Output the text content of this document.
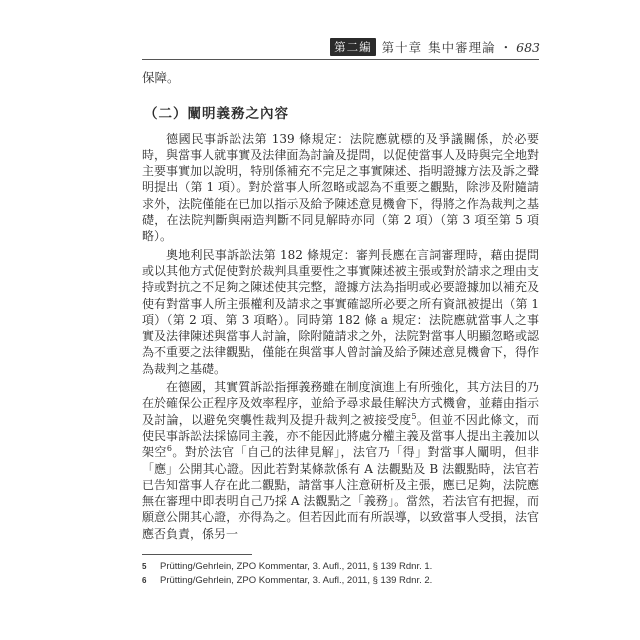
第二編 第十章 集中審理論 ・ 683

保障。

（二）闡明義務之內容

德國民事訴訟法第 139 條規定：法院應就標的及爭議關係，於必要時，與當事人就事實及法律面為討論及提問，以促使當事人及時與完全地對主要事實加以說明，特別係補充不完足之事實陳述、指明證據方法及訴之聲明提出（第 1 項）。對於當事人所忽略或認為不重要之觀點，除涉及附隨請求外，法院僅能在已加以指示及給予陳述意見機會下，得將之作為裁判之基礎，在法院判斷與兩造判斷不同見解時亦同（第 2 項）（第 3 項至第 5 項略）。

奧地利民事訴訟法第 182 條規定：審判長應在言詞審理時，藉由提問或以其他方式促使對於裁判具重要性之事實陳述被主張或對於請求之理由支持或對抗之不足夠之陳述使其完整，證據方法為指明或必要證據加以補充及使有對當事人所主張權利及請求之事實確認所必要之所有資訊被提出（第 1 項）（第 2 項、第 3 項略）。同時第 182 條 a 規定：法院應就當事人之事實及法律陳述與當事人討論，除附隨請求之外，法院對當事人明顯忽略或認為不重要之法律觀點，僅能在與當事人曾討論及給予陳述意見機會下，得作為裁判之基礎。

在德國，其實質訴訟指揮義務雖在制度演進上有所強化，其方法目的乃在於確保公正程序及效率程序，並給予尋求最佳解決方式機會，並藉由指示及討論，以避免突襲性裁判及提升裁判之被接受度$^5$。但並不因此條文，而使民事訴訟法採協同主義，亦不能因此將處分權主義及當事人提出主義加以架空$^6$。對於法官「自己的法律見解」，法官乃「得」對當事人闡明，但非「應」公開其心證。因此若對某條款係有 A 法觀點及 B 法觀點時，法官若已告知當事人存在此二觀點，請當事人注意研析及主張，應已足夠，法院應無在審理中即表明自己乃採 A 法觀點之「義務」。當然，若法官有把握，而願意公開其心證，亦得為之。但若因此而有所誤導，以致當事人受損，法官應否負責，係另一

5	Prütting/Gehrlein, ZPO Kommentar, 3. Aufl., 2011, § 139 Rdnr. 1.
6	Prütting/Gehrlein, ZPO Kommentar, 3. Aufl., 2011, § 139 Rdnr. 2.
